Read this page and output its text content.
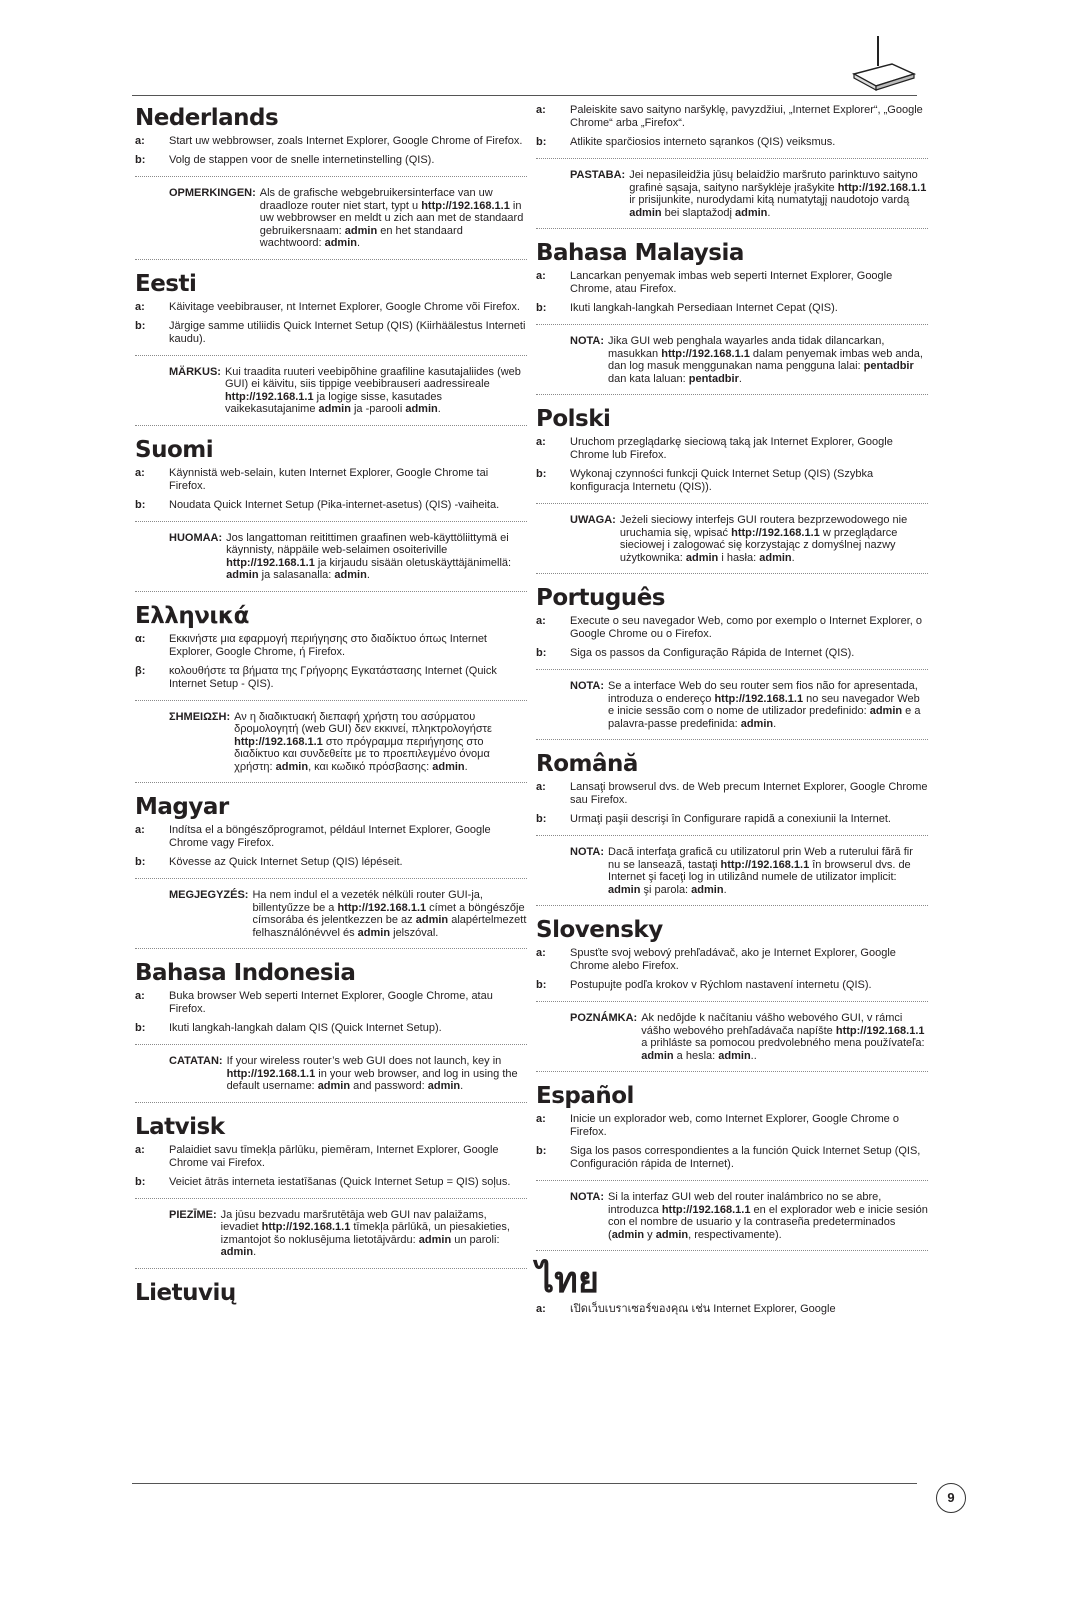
Nederlands
a:	Start uw webbrowser, zoals Internet Explorer, Google Chrome of Firefox.
b:	Volg de stappen voor de snelle internetinstelling (QIS).
OPMERKINGEN: Als de grafische webgebruikersinterface van uw draadloze router niet start, typt u http://192.168.1.1 in uw webbrowser en meldt u zich aan met de standaard gebruikersnaam: admin en het standaard wachtwoord: admin.
Eesti
a:	Käivitage veebibrauser, nt Internet Explorer, Google Chrome või Firefox.
b:	Järgige samme utiliidis Quick Internet Setup (QIS) (Kiirhäälestus Interneti kaudu).
MÄRKUS: Kui traadita ruuteri veebipõhine graafiline kasutajaliides (web GUI) ei käivitu, siis tippige veebibrauseri aadressireale http://192.168.1.1 ja logige sisse, kasutades vaikekasutajanime admin ja -parooli admin.
Suomi
a:	Käynnistä web-selain, kuten Internet Explorer, Google Chrome tai Firefox.
b:	Noudata Quick Internet Setup (Pika-internet-asetus) (QIS) -vaiheita.
HUOMAA: Jos langattoman reitittimen graafinen web-käyttöliittymä ei käynnisty, näppäile web-selaimen osoiteriville http://192.168.1.1 ja kirjaudu sisään oletuskäyttäjänimellä: admin ja salasanalla: admin.
Ελληνικά
α:	Εκκινήστε μια εφαρμογή περιήγησης στο διαδίκτυο όπως Internet Explorer, Google Chrome, ή Firefox.
β:	κολουθήστε τα βήματα της Γρήγορης Εγκατάστασης Internet (Quick Internet Setup - QIS).
ΣΗΜΕΙΩΣΗ: Αν η διαδικτυακή διεπαφή χρήστη του ασύρματου δρομολογητή (web GUI) δεν εκκινεί, πληκτρολογήστε http://192.168.1.1 στο πρόγραμμα περιήγησης στο διαδίκτυο και συνδεθείτε με το προεπιλεγμένο όνομα χρήστη: admin, και κωδικό πρόσβασης: admin.
Magyar
a:	Indítsa el a böngészőprogramot, például Internet Explorer, Google Chrome vagy Firefox.
b:	Kövesse az Quick Internet Setup (QIS) lépéseit.
MEGJEGYZÉS: Ha nem indul el a vezeték nélküli router GUI-ja, billentyűzze be a http://192.168.1.1 címet a böngészője címsorába és jelentkezzen be az admin alapértelmezett felhasználónévvel és admin jelszóval.
Bahasa Indonesia
a:	Buka browser Web seperti Internet Explorer, Google Chrome, atau Firefox.
b:	Ikuti langkah-langkah dalam QIS (Quick Internet Setup).
CATATAN: If your wireless router’s web GUI does not launch, key in http://192.168.1.1 in your web browser, and log in using the default username: admin and password: admin.
Latvisk
a:	Palaidiet savu tīmekļa pārlūku, piemēram, Internet Explorer, Google Chrome vai Firefox.
b:	Veiciet ātrās interneta iestatīšanas (Quick Internet Setup = QIS) soļus.
PIEZĪME: Ja jūsu bezvadu maršrutētāja web GUI nav palaižams, ievadiet http://192.168.1.1 tīmekļa pārlūkā, un piesakieties, izmantojot šo noklusējuma lietotājvārdu: admin un paroli: admin.
Lietuvių
a:	Paleiskite savo saityno naršyklę, pavyzdžiui, „Internet Explorer“, „Google Chrome“ arba „Firefox“.
b:	Atlikite sparčiosios interneto sąrankos (QIS) veiksmus.
PASTABA: Jei nepasileidžia jūsų belaidžio maršruto parinktuvo saityno grafinė sąsaja, saityno naršyklėje įrašykite http://192.168.1.1 ir prisijunkite, nurodydami kitą numatytąjį naudotojo vardą admin bei slaptažodį admin.
Bahasa Malaysia
a:	Lancarkan penyemak imbas web seperti Internet Explorer, Google Chrome, atau Firefox.
b:	Ikuti langkah-langkah Persediaan Internet Cepat (QIS).
NOTA: Jika GUI web penghala wayarles anda tidak dilancarkan, masukkan http://192.168.1.1 dalam penyemak imbas web anda, dan log masuk menggunakan nama pengguna lalai: pentadbir dan kata laluan: pentadbir.
Polski
a:	Uruchom przeglądarkę sieciową taką jak Internet Explorer, Google Chrome lub Firefox.
b:	Wykonaj czynności funkcji Quick Internet Setup (QIS) (Szybka konfiguracja Internetu (QIS)).
UWAGA: Jeżeli sieciowy interfejs GUI routera bezprzewodowego nie uruchamia się, wpisać http://192.168.1.1 w przeglądarce sieciowej i zalogować się korzystając z domyślnej nazwy użytkownika: admin i hasła: admin.
Português
a:	Execute o seu navegador Web, como por exemplo o Internet Explorer, o Google Chrome ou o Firefox.
b:	Siga os passos da Configuração Rápida de Internet (QIS).
NOTA: Se a interface Web do seu router sem fios não for apresentada, introduza o endereço http://192.168.1.1 no seu navegador Web e inicie sessão com o nome de utilizador predefinido: admin e a palavra-passe predefinida: admin.
Română
a:	Lansaţi browserul dvs. de Web precum Internet Explorer, Google Chrome sau Firefox.
b:	Urmaţi paşii descrişi în Configurare rapidă a conexiunii la Internet.
NOTA: Dacă interfaţa grafică cu utilizatorul prin Web a ruterului fără fir nu se lansează, tastaţi http://192.168.1.1 în browserul dvs. de Internet şi faceţi log in utilizând numele de utilizator implicit: admin şi parola: admin.
Slovensky
a:	Spusťte svoj webový prehľadávač, ako je Internet Explorer, Google Chrome alebo Firefox.
b:	Postupujte podľa krokov v Rýchlom nastavení internetu (QIS).
POZNÁMKA: Ak nedôjde k načítaniu vášho webového GUI, v rámci vášho webového prehľadávača napíšte http://192.168.1.1 a prihláste sa pomocou predvolebného mena používateľa: admin a hesla: admin..
Español
a:	Inicie un explorador web, como Internet Explorer, Google Chrome o Firefox.
b:	Siga los pasos correspondientes a la función Quick Internet Setup (QIS, Configuración rápida de Internet).
NOTA: Si la interfaz GUI web del router inalámbrico no se abre, introduzca http://192.168.1.1 en el explorador web e inicie sesión con el nombre de usuario y la contraseña predeterminados (admin y admin, respectivamente).
ไทย
a:	เปิดเว็บเบราเซอร์ของคุณ เช่น Internet Explorer, Google
9
